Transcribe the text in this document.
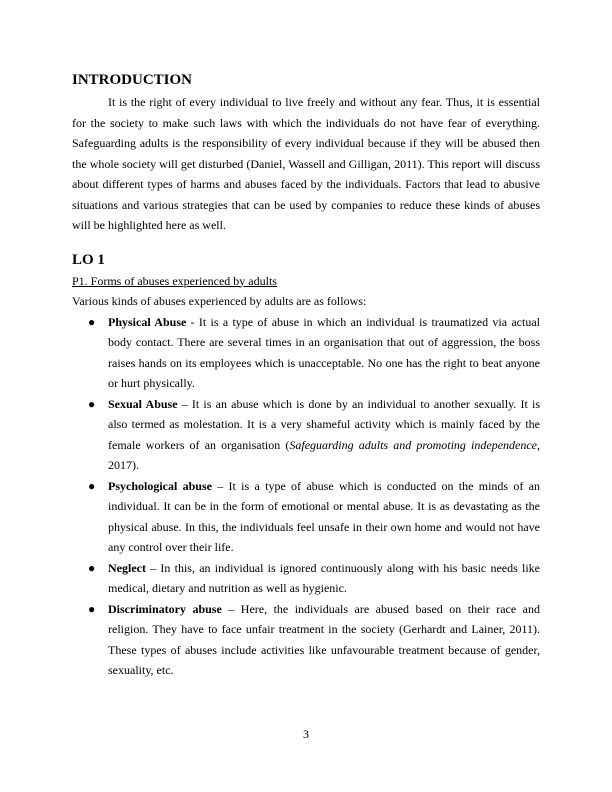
INTRODUCTION

It is the right of every individual to live freely and without any fear. Thus, it is essential for the society to make such laws with which the individuals do not have fear of everything. Safeguarding adults is the responsibility of every individual because if they will be abused then the whole society will get disturbed (Daniel, Wassell and Gilligan, 2011). This report will discuss about different types of harms and abuses faced by the individuals. Factors that lead to abusive situations and various strategies that can be used by companies to reduce these kinds of abuses will be highlighted here as well.

LO 1

P1. Forms of abuses experienced by adults

Various kinds of abuses experienced by adults are as follows:

● Physical Abuse - It is a type of abuse in which an individual is traumatized via actual body contact. There are several times in an organisation that out of aggression, the boss raises hands on its employees which is unacceptable. No one has the right to beat anyone or hurt physically.
● Sexual Abuse – It is an abuse which is done by an individual to another sexually. It is also termed as molestation. It is a very shameful activity which is mainly faced by the female workers of an organisation (Safeguarding adults and promoting independence, 2017).
● Psychological abuse – It is a type of abuse which is conducted on the minds of an individual. It can be in the form of emotional or mental abuse. It is as devastating as the physical abuse. In this, the individuals feel unsafe in their own home and would not have any control over their life.
● Neglect – In this, an individual is ignored continuously along with his basic needs like medical, dietary and nutrition as well as hygienic.
● Discriminatory abuse – Here, the individuals are abused based on their race and religion. They have to face unfair treatment in the society (Gerhardt and Lainer, 2011). These types of abuses include activities like unfavourable treatment because of gender, sexuality, etc.
3
